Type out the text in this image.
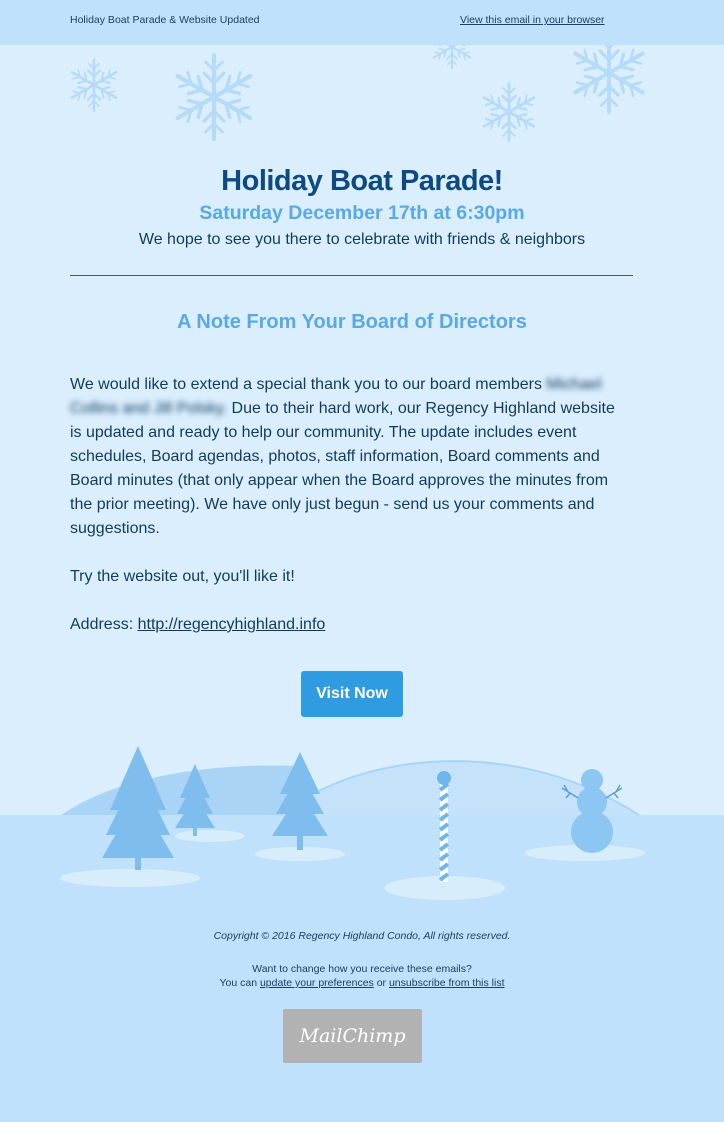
Holiday Boat Parade & Website Updated	View this email in your browser
Holiday Boat Parade!
Saturday December 17th at 6:30pm
We hope to see you there to celebrate with friends & neighbors
A Note From Your Board of Directors

We would like to extend a special thank you to our board members Michael Collins and Jill Polsky. Due to their hard work, our Regency Highland website is updated and ready to help our community. The update includes event schedules, Board agendas, photos, staff information, Board comments and Board minutes (that only appear when the Board approves the minutes from the prior meeting). We have only just begun - send us your comments and suggestions.

Try the website out, you'll like it!

Address: http://regencyhighland.info

Visit Now
Copyright © 2016 Regency Highland Condo, All rights reserved.
Want to change how you receive these emails?
You can update your preferences or unsubscribe from this list
MailChimp
